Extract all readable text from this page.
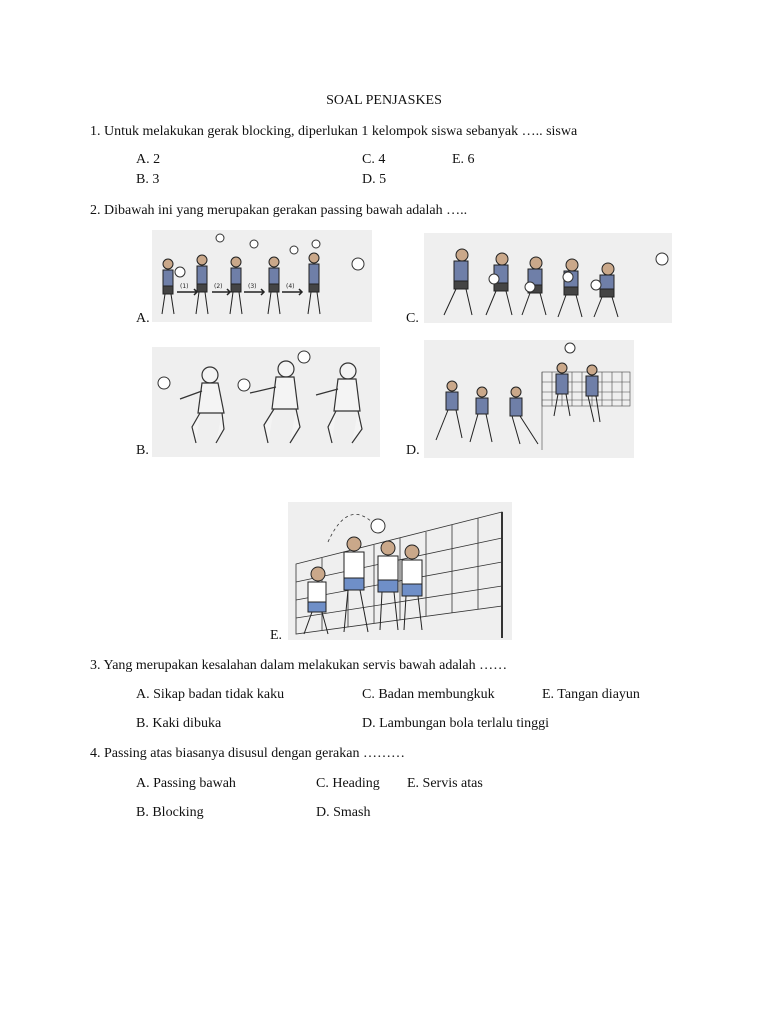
SOAL PENJASKES
1. Untuk melakukan gerak blocking, diperlukan 1 kelompok siswa sebanyak ….. siswa
A. 2
B. 3
C. 4
D. 5
E. 6
2. Dibawah ini yang merupakan gerakan passing bawah adalah …..
A.
(1)	(2)	(3)	(4)
C.
B.	D.
E.
3. Yang merupakan kesalahan dalam melakukan servis bawah adalah ……
A. Sikap badan tidak kaku
B. Kaki dibuka
C. Badan membungkuk
D. Lambungan bola terlalu tinggi
E. Tangan diayun
4. Passing atas biasanya disusul dengan gerakan ………
A. Passing bawah
B. Blocking
C. Heading
D. Smash
E. Servis atas
